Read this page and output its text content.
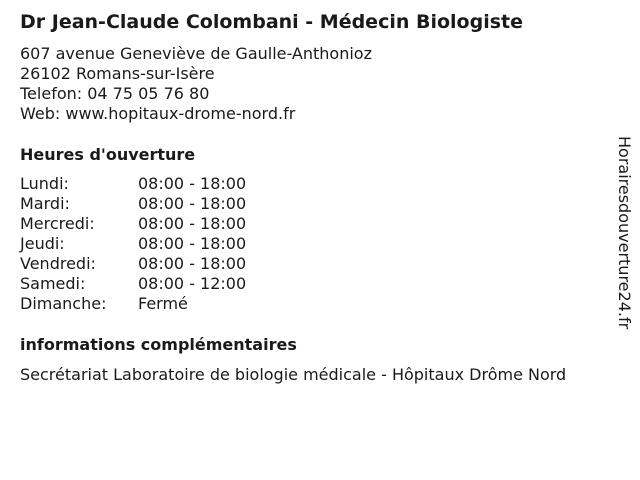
Dr Jean-Claude Colombani - Médecin Biologiste
607 avenue Geneviève de Gaulle-Anthonioz
26102 Romans-sur-Isère
Telefon: 04 75 05 76 80
Web: www.hopitaux-drome-nord.fr
Heures d'ouverture
Lundi:	08:00 - 18:00
Mardi:	08:00 - 18:00
Mercredi:	08:00 - 18:00
Jeudi:	08:00 - 18:00
Vendredi:	08:00 - 18:00
Samedi:	08:00 - 12:00
Dimanche:	Fermé
informations complémentaires
Secrétariat Laboratoire de biologie médicale - Hôpitaux Drôme Nord
Horairesdouverture24.fr
